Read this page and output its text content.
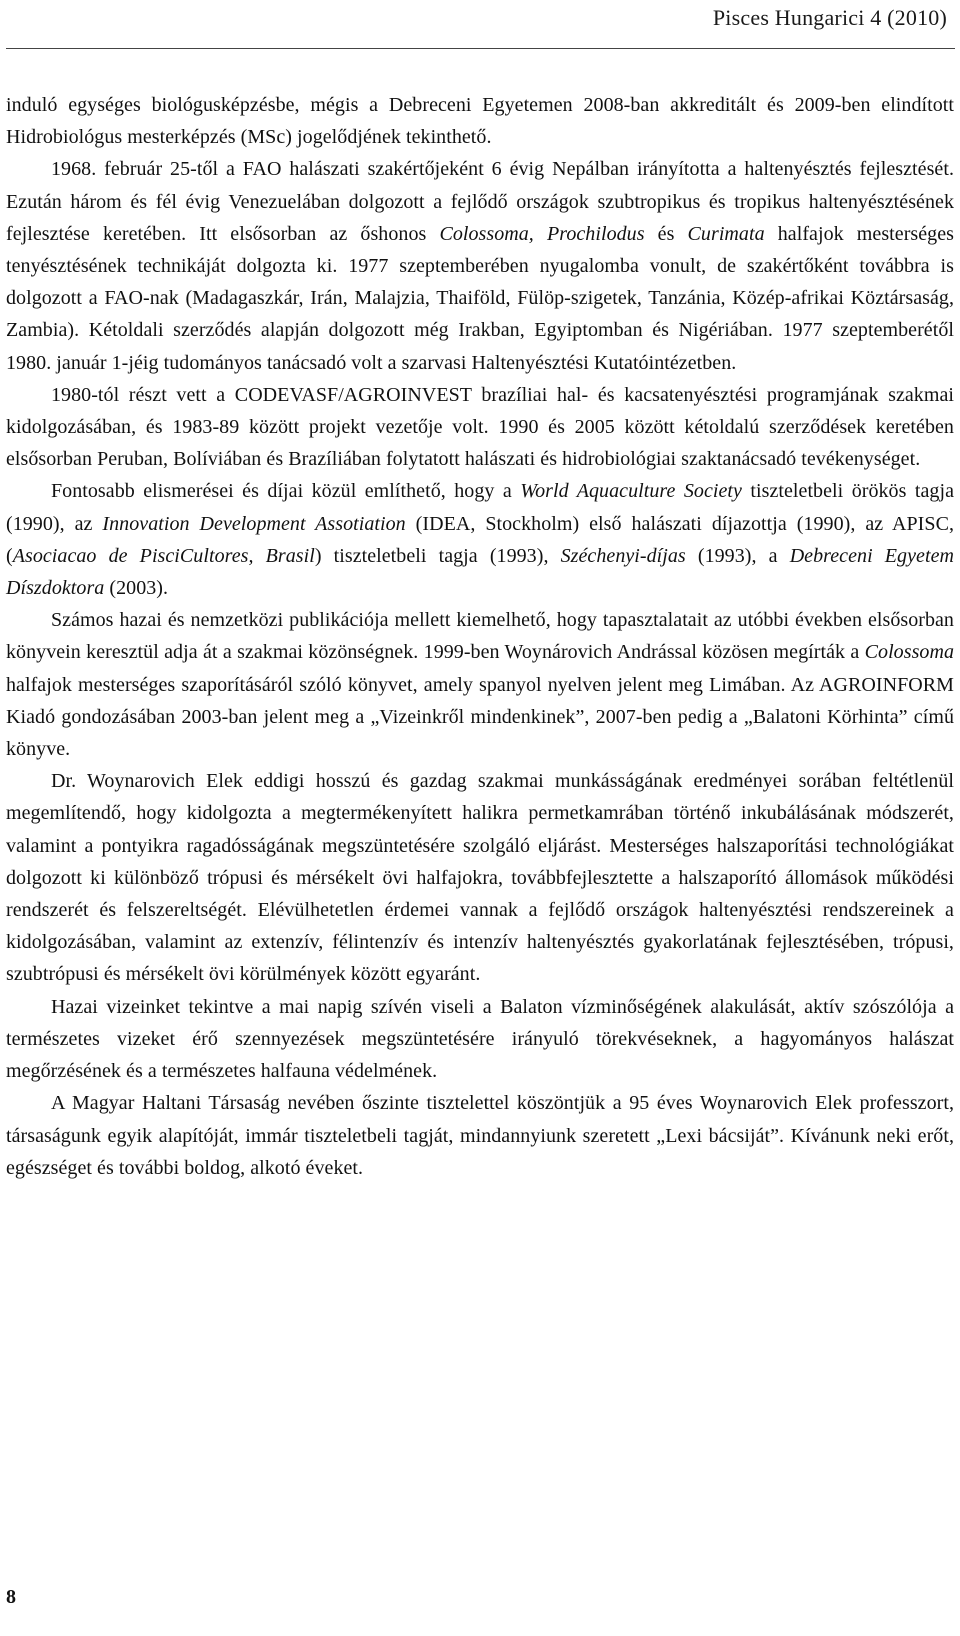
Pisces Hungarici 4 (2010)

induló egységes biológusképzésbe, mégis a Debreceni Egyetemen 2008-ban akkreditált és 2009-ben elindított Hidrobiológus mesterképzés (MSc) jogelődjének tekinthető.

1968. február 25-től a FAO halászati szakértőjeként 6 évig Nepálban irányította a haltenyésztés fejlesztését. Ezután három és fél évig Venezuelában dolgozott a fejlődő országok szubtropikus és tropikus haltenyésztésének fejlesztése keretében. Itt elsősorban az őshonos Colossoma, Prochilodus és Curimata halfajok mesterséges tenyésztésének technikáját dolgozta ki. 1977 szeptemberében nyugalomba vonult, de szakértőként továbbra is dolgozott a FAO-nak (Madagaszkár, Irán, Malajzia, Thaiföld, Fülöp-szigetek, Tanzánia, Közép-afrikai Köztársaság, Zambia). Kétoldali szerződés alapján dolgozott még Irakban, Egyiptomban és Nigériában. 1977 szeptemberétől 1980. január 1-jéig tudományos tanácsadó volt a szarvasi Haltenyésztési Kutatóintézetben.

1980-tól részt vett a CODEVASF/AGROINVEST brazíliai hal- és kacsatenyésztési programjának szakmai kidolgozásában, és 1983-89 között projekt vezetője volt. 1990 és 2005 között kétoldalú szerződések keretében elsősorban Peruban, Bolíviában és Brazíliában folytatott halászati és hidrobiológiai szaktanácsadó tevékenységet.

Fontosabb elismerései és díjai közül említhető, hogy a World Aquaculture Society tiszteletbeli örökös tagja (1990), az Innovation Development Assotiation (IDEA, Stockholm) első halászati díjazottja (1990), az APISC, (Asociacao de PisciCultores, Brasil) tiszteletbeli tagja (1993), Széchenyi-díjas (1993), a Debreceni Egyetem Díszdoktora (2003).

Számos hazai és nemzetközi publikációja mellett kiemelhető, hogy tapasztalatait az utóbbi években elsősorban könyvein keresztül adja át a szakmai közönségnek. 1999-ben Woynárovich Andrással közösen megírták a Colossoma halfajok mesterséges szaporításáról szóló könyvet, amely spanyol nyelven jelent meg Limában. Az AGROINFORM Kiadó gondozásában 2003-ban jelent meg a „Vizeinkről mindenkinek”, 2007-ben pedig a „Balatoni Körhinta” című könyve.

Dr. Woynarovich Elek eddigi hosszú és gazdag szakmai munkásságának eredményei sorában feltétlenül megemlítendő, hogy kidolgozta a megtermékenyített halikra permetkamrában történő inkubálásának módszerét, valamint a pontyikra ragadósságának megszüntetésére szolgáló eljárást. Mesterséges halszaporítási technológiákat dolgozott ki különböző trópusi és mérsékelt övi halfajokra, továbbfejlesztette a halszaporító állomások működési rendszerét és felszereltségét. Elévülhetetlen érdemei vannak a fejlődő országok haltenyésztési rendszereinek a kidolgozásában, valamint az extenzív, félintenzív és intenzív haltenyésztés gyakorlatának fejlesztésében, trópusi, szubtrópusi és mérsékelt övi körülmények között egyaránt.

Hazai vizeinket tekintve a mai napig szívén viseli a Balaton vízminőségének alakulását, aktív szószólója a természetes vizeket érő szennyezések megszüntetésére irányuló törekvéseknek, a hagyományos halászat megőrzésének és a természetes halfauna védelmének.

A Magyar Haltani Társaság nevében őszinte tisztelettel köszöntjük a 95 éves Woynarovich Elek professzort, társaságunk egyik alapítóját, immár tiszteletbeli tagját, mindannyiunk szeretett „Lexi bácsiját”. Kívánunk neki erőt, egészséget és további boldog, alkotó éveket.

8
